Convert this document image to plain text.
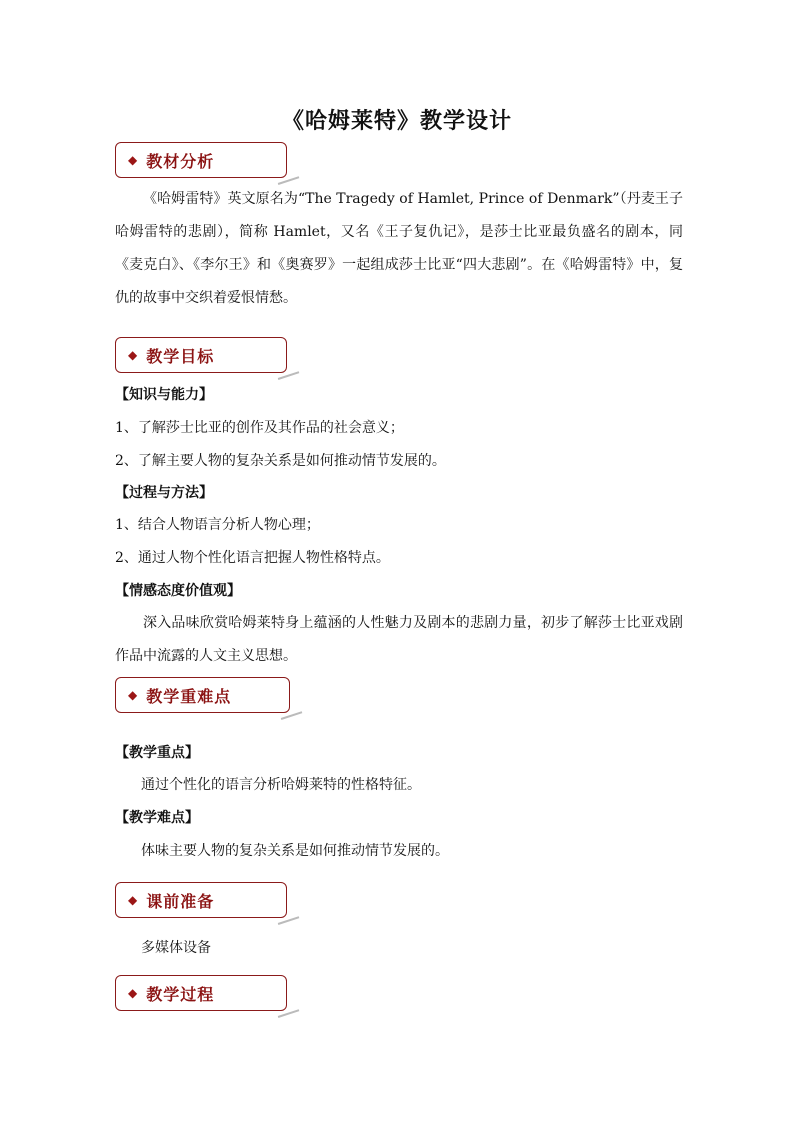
《哈姆莱特》教学设计
◆ 教材分析

《哈姆雷特》英文原名为“The Tragedy of Hamlet, Prince of Denmark”（丹麦王子哈姆雷特的悲剧），简称 Hamlet，又名《王子复仇记》，是莎士比亚最负盛名的剧本，同《麦克白》、《李尔王》和《奥赛罗》一起组成莎士比亚“四大悲剧”。在《哈姆雷特》中，复仇的故事中交织着爱恨情愁。

◆ 教学目标
【知识与能力】

1、了解莎士比亚的创作及其作品的社会意义；

2、了解主要人物的复杂关系是如何推动情节发展的。

【过程与方法】

1、结合人物语言分析人物心理；

2、通过人物个性化语言把握人物性格特点。

【情感态度价值观】

深入品味欣赏哈姆莱特身上蕴涵的人性魅力及剧本的悲剧力量，初步了解莎士比亚戏剧作品中流露的人文主义思想。

◆ 教学重难点
【教学重点】

通过个性化的语言分析哈姆莱特的性格特征。

【教学难点】

体味主要人物的复杂关系是如何推动情节发展的。

◆ 课前准备

多媒体设备

◆ 教学过程
